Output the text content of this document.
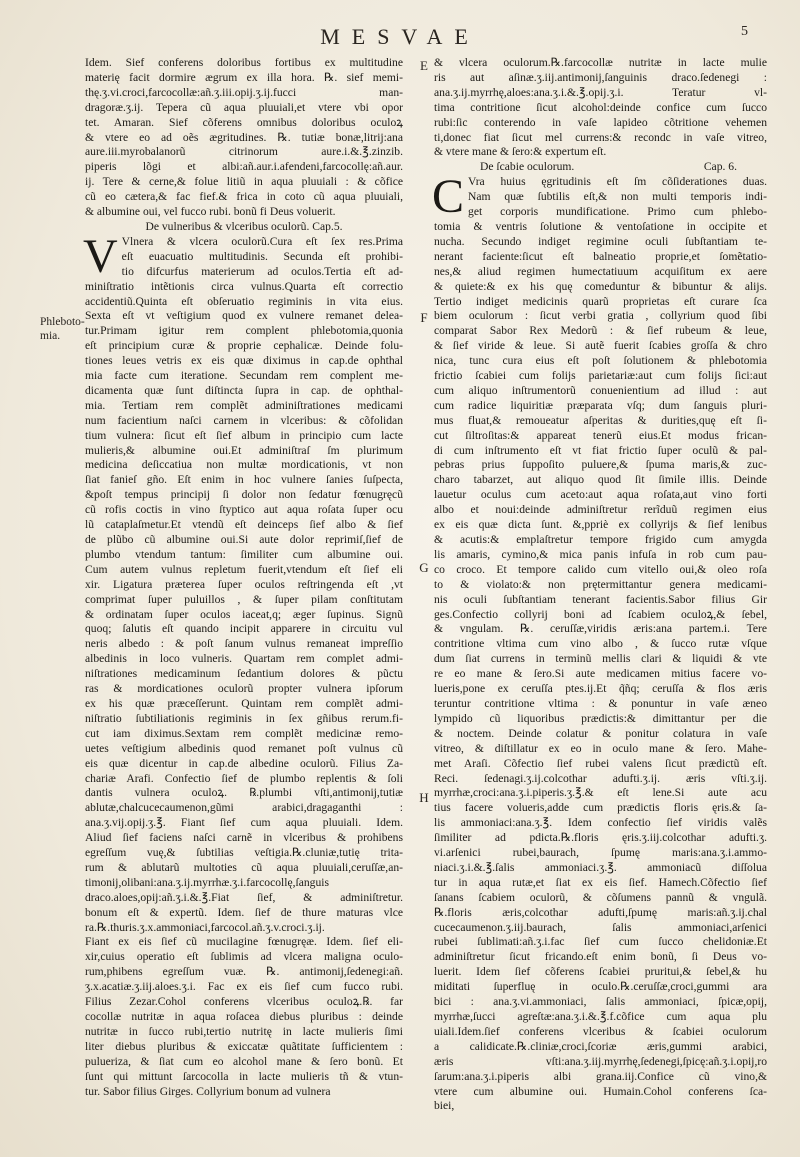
MESVAE	5
Phleboto-
mia.
E
F
G
H
Idem. Sief conferens doloribus fortibus ex multitudine
materię facit dormire ægrum ex illa hora. ℞. sief memi-
thę.ʒ.vi.croci,farcocollæ:añ.ʒ.iii.opij.ʒ.ij.fucci man-
dragoræ.ʒ.ij. Tepera cũ aqua pluuiali,et vtere vbi opor
tet. Amaran. Sief cõferens omnibus doloribus oculoꝝ
& vtere eo ad oẽs ægritudines. ℞. tutiæ bonæ,litrĳ:ana
aure.iii.myrobalanorũ citrinorum aure.i.&.℥.zinzib.
piperis lõgi et albi:añ.aur.i.afendeni,farcocollę:añ.aur.
ij. Tere & cerne,& folue litiũ in aqua pluuiali : & cõfice
cũ eo cætera,& fac fief.& frica in coto cũ aqua pluuiali,
& albumine oui, vel fucco rubi. bonũ fi Deus voluerit.
De vulneribus & vlceribus oculorũ. Cap.5.
V Vlnera & vlcera oculorũ.Cura eſt ſex res.Prima
eſt euacuatio multitudinis. Secunda eſt prohibi-
tio difcurfus materierum ad oculos.Tertia eſt ad-
miniſtratio intẽtionis circa vulnus.Quarta eſt correctio
accidentiũ.Quinta eſt obſeruatio regiminis in vita eius.
Sexta eſt vt veſtigium quod ex vulnere remanet delea-
tur.Primam igitur rem complent phlebotomia,quonia
eſt principium curæ & proprie cephalicæ. Deinde folu-
tiones leues vetris ex eis quæ diximus in cap.de ophthal
mia facte cum iteratione. Secundam rem complent me-
dicamenta quæ ſunt diſtincta ſupra in cap. de ophthal-
mia. Tertiam rem complẽt adminiſtrationes medicami
num facientium naſci carnem in vlceribus: & cõfolidan
tium vulnera: ſicut eſt ſief album in principio cum lacte
mulieris,& albumine oui.Et adminiſtraſ ſm plurimum
medicina deſiccatiua non multæ mordicationis, vt non
ſiat fanieſ gño. Eſt enim in hoc vulnere ſanies ſuſpecta,
&poſt tempus principij ſi dolor non ſedatur fœnugręcũ
cũ rofis coctis in vino ſtyptico aut aqua roſata ſuper ocu
lũ cataplaſmetur.Et vtendũ eſt deinceps ſief albo & ſief
de plũbo cũ albumine oui.Si aute dolor reprimiſ,ſief de
plumbo vtendum tantum: ſimiliter cum albumine oui.
Cum autem vulnus repletum fuerit,vtendum eſt ſief eli
xir. Ligatura præterea ſuper oculos reſtringenda eſt ,vt
comprimat ſuper puluillos , & ſuper pilam conſtitutam
& ordinatam ſuper oculos iaceat,q; æger ſupinus. Signũ
quoq; ſalutis eſt quando incipit apparere in circuitu vul
neris albedo : & poſt ſanum vulnus remaneat impreſſio
albedinis in loco vulneris. Quartam rem complet admi-
niſtrationes medicaminum ſedantium dolores & pũctu
ras & mordicationes oculorũ propter vulnera ipſorum
ex his quæ præceſſerunt. Quintam rem complẽt admi-
niſtratio ſubtiliationis regiminis in ſex gñibus rerum.fi-
cut iam diximus.Sextam rem complẽt medicinæ remo-
uetes veſtigium albedinis quod remanet poſt vulnus cũ
eis quæ dicentur in cap.de albedine oculorũ. Filius Za-
chariæ Arafi. Confectio ſief de plumbo replentis & ſoli
dantis vulnera oculoꝝ. ℞.plumbi vſti,antimonĳ,tutiæ
ablutæ,chalcucecaumenon,gũmi arabici,dragaganthi :
ana.ʒ.vij.opij.ʒ.℥. Fiant ſief cum aqua pluuiali. Idem.
Aliud ſief faciens naſci carnẽ in vlceribus & prohibens
egreſſum vuę,& ſubtilias veſtigia.℞.cluniæ,tutię trita-
rum & ablutarũ multoties cũ aqua pluuiali,ceruſſæ,an-
timonĳ,olibani:ana.ʒ.ij.myrrhæ.ʒ.i.farcocollę,ſanguis
draco.aloes,opij:añ.ʒ.i.&.℥.Fiat ſief, & adminiſtretur.
bonum eſt & expertũ. Idem. ſief de thure maturas vlce
ra.℞.thuris.ʒ.x.ammoniaci,farcocol.añ.ʒ.v.croci.ʒ.ij.
Fiant ex eis ſief cũ mucilagine fœnugręæ. Idem. ſief eli-
xir,cuius operatio eſt ſublimis ad vlcera maligna oculo-
rum,phibens egreſſum vuæ. ℞. antimonĳ,ſedenegi:añ.
ʒ.x.acatiæ.ʒ.iij.aloes.ʒ.i. Fac ex eis ſief cum fucco rubi.
Filius Zezar.Cohol conferens vlceribus oculoꝝ.℞. far
cocollæ nutritæ in aqua roſacea diebus pluribus : deinde
nutritæ in ſucco rubi,tertio nutritę in lacte mulieris ſimi
liter diebus pluribus & exiccatæ quãtitate ſufficientem :
pulueriza, & ſiat cum eo alcohol mane & ſero bonũ. Et
ſunt qui mittunt ſarcocolla in lacte mulieris tñ & vtun-
tur. Sabor filius Girges. Collyrium bonum ad vulnera
& vlcera oculorum.℞.farcocollæ nutritæ in lacte mulie
ris aut aſinæ.ʒ.iij.antimonĳ,ſanguinis draco.ſedenegi :
ana.ʒ.ij.myrrhę,aloes:ana.ʒ.i.&.℥.opĳ.ʒ.i. Teratur vl-
tima contritione ſicut alcohol:deinde confice cum ſucco
rubi:ſic conterendo in vaſe lapideo cõtritione vehemen
ti,donec fiat ſicut mel currens:& recondc in vaſe vitreo,
& vtere mane & ſero:& expertum eſt.
De ſcabie oculorum.	Cap. 6.
C Vra huius ęgritudinis eſt ſm cõſiderationes duas.
Nam quæ ſubtilis eſt,& non multi temporis indi-
get corporis mundificatione. Primo cum phlebo-
tomia & ventris ſolutione & ventoſatione in occipite et
nucha. Secundo indiget regimine oculi ſubſtantiam te-
nerant faciente:ſicut eſt balneatio proprie,et ſomẽtatio-
nes,& aliud regimen humectatiuum acquiſitum ex aere
& quiete:& ex his quę comeduntur & bibuntur & alĳs.
Tertio indiget medicinis quarũ proprietas eſt curare ſca
biem oculorum : ſicut verbi gratia , collyrium quod ſibi
comparat Sabor Rex Medorũ : & ſief rubeum & leue,
& ſief viride & leue. Si autẽ fuerit ſcabies groſſa & chro
nica, tunc cura eius eſt poſt ſolutionem & phlebotomia
frictio ſcabiei cum folĳs parietariæ:aut cum folĳs ſici:aut
cum aliquo inſtrumentorũ conuenientium ad illud : aut
cum radice liquiritiæ præparata vſq; dum ſanguis pluri-
mus fluat,& remoueatur aſperitas & durities,quę eſt ſi-
cut ſiltroſitas:& appareat tenerũ eius.Et modus frican-
di cum inſtrumento eſt vt fiat frictio ſuper oculũ & pal-
pebras prius ſuppoſito puluere,& ſpuma maris,& zuc-
charo tabarzet, aut aliquo quod ſit ſimile illis. Deinde
lauetur oculus cum aceto:aut aqua roſata,aut vino forti
albo et noui:deinde adminiſtretur rerĩduũ regimen eius
ex eis quæ dicta ſunt. &,ppriè ex collyrĳs & ſief lenibus
& acutis:& emplaſtretur tempore frigido cum amygda
lis amaris, cymino,& mica panis infuſa in rob cum pau-
co croco. Et tempore calido cum vitello oui,& oleo roſa
to & violato:& non prętermittantur genera medicami-
nis oculi ſubſtantiam tenerant facientis.Sabor filius Gir
ges.Confectio collyrĳ boni ad ſcabiem oculoꝝ,& ſebel,
& vngulam. ℞. ceruſſæ,viridis æris:ana partem.i. Tere
contritione vltima cum vino albo , & ſucco rutæ vſque
dum ſiat currens in terminũ mellis clari & liquidi & vte
re eo mane & ſero.Si aute medicamen mitius facere vo-
lueris,pone ex ceruſſa ptes.ij.Et q̃ñq; ceruſſa & flos æris
teruntur contritione vltima : & ponuntur in vaſe æneo
lympido cũ liquoribus prædictis:& dimittantur per die
& noctem. Deinde colatur & ponitur colatura in vaſe
vitreo, & diſtillatur ex eo in oculo mane & ſero. Mahe-
met Araſi. Cõfectio ſief rubei valens ſicut prædictũ eſt.
Reci. ſedenagi.ʒ.ij.colcothar adufti.ʒ.ij. æris vſti.ʒ.ij.
myrrhæ,croci:ana.ʒ.i.piperis.ʒ.℥.& eſt lene.Si aute acu
tius facere volueris,adde cum prædictis floris ęris.& ſa-
lis ammoniaci:ana.ʒ.℥. Idem confectio ſief viridis valẽs
ſimiliter ad pdicta.℞.floris ęris.ʒ.iij.colcothar adufti.ʒ.
vi.arſenici rubei,baurach, ſpumę maris:ana.ʒ.i.ammo-
niaci.ʒ.i.&.℥.ſalis ammoniaci.ʒ.℥. ammoniacũ diſſolua
tur in aqua rutæ,et ſiat ex eis ſief. Hamech.Cõfectio ſief
ſanans ſcabiem oculorũ, & cõſumens pannũ & vngulã.
℞.floris æris,colcothar adufti,ſpumę maris:añ.ʒ.ij.chal
cucecaumenon.ʒ.iij.baurach, ſalis ammoniaci,arſenici
rubei ſublimati:añ.ʒ.i.fac ſief cum ſucco chelidoniæ.Et
adminiſtretur ſicut fricando.eſt enim bonũ, ſi Deus vo-
luerit. Idem ſief cõferens ſcabiei pruritui,& ſebel,& hu
miditati ſuperfluę in oculo.℞.ceruſſæ,croci,gummi ara
bici : ana.ʒ.vi.ammoniaci, ſalis ammoniaci, ſpicæ,opĳ,
myrrhæ,ſucci agreſtæ:ana.ʒ.i.&.℥.f.cõfice cum aqua plu
uiali.Idem.ſief conferens vlceribus & ſcabiei oculorum
a calidicate.℞.cliniæ,croci,ſcoriæ æris,gummi arabici,
æris vſti:ana.ʒ.iij.myrrhę,ſedenegi,ſpicę:añ.ʒ.i.opĳ,ro
ſarum:ana.ʒ.i.piperis albi grana.iij.Confice cũ vino,&
vtere cum albumine oui. Humain.Cohol conferens ſca-
biei,
